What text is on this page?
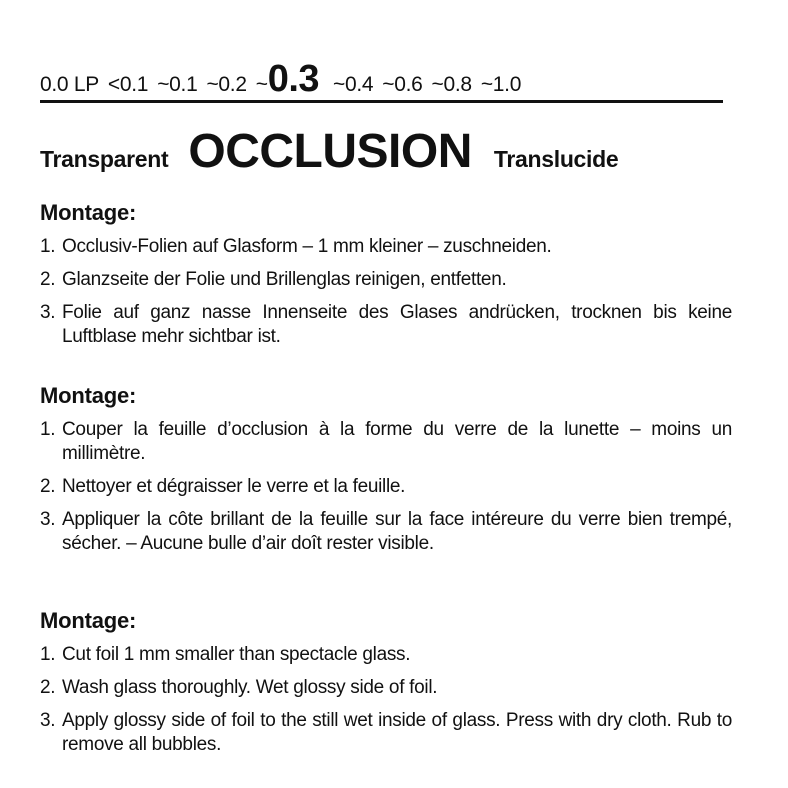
0.0 LP <0.1 ~0.1 ~0.2 ~ 0.3 ~0.4 ~0.6 ~0.8 ~1.0
Transparent OCCLUSION Translucide
Montage:
1. Occlusiv-Folien auf Glasform – 1 mm kleiner – zuschneiden.
2. Glanzseite der Folie und Brillenglas reinigen, entfetten.
3. Folie auf ganz nasse Innenseite des Glases andrücken, trocknen bis keine Luftblase mehr sichtbar ist.
Montage:
1. Couper la feuille d’occlusion à la forme du verre de la lunette – moins un millimètre.
2. Nettoyer et dégraisser le verre et la feuille.
3. Appliquer la côte brillant de la feuille sur la face intéreure du verre bien trempé, sécher. – Aucune bulle d’air doît rester visible.
Montage:
1. Cut foil 1 mm smaller than spectacle glass.
2. Wash glass thoroughly. Wet glossy side of foil.
3. Apply glossy side of foil to the still wet inside of glass. Press with dry cloth. Rub to remove all bubbles.
